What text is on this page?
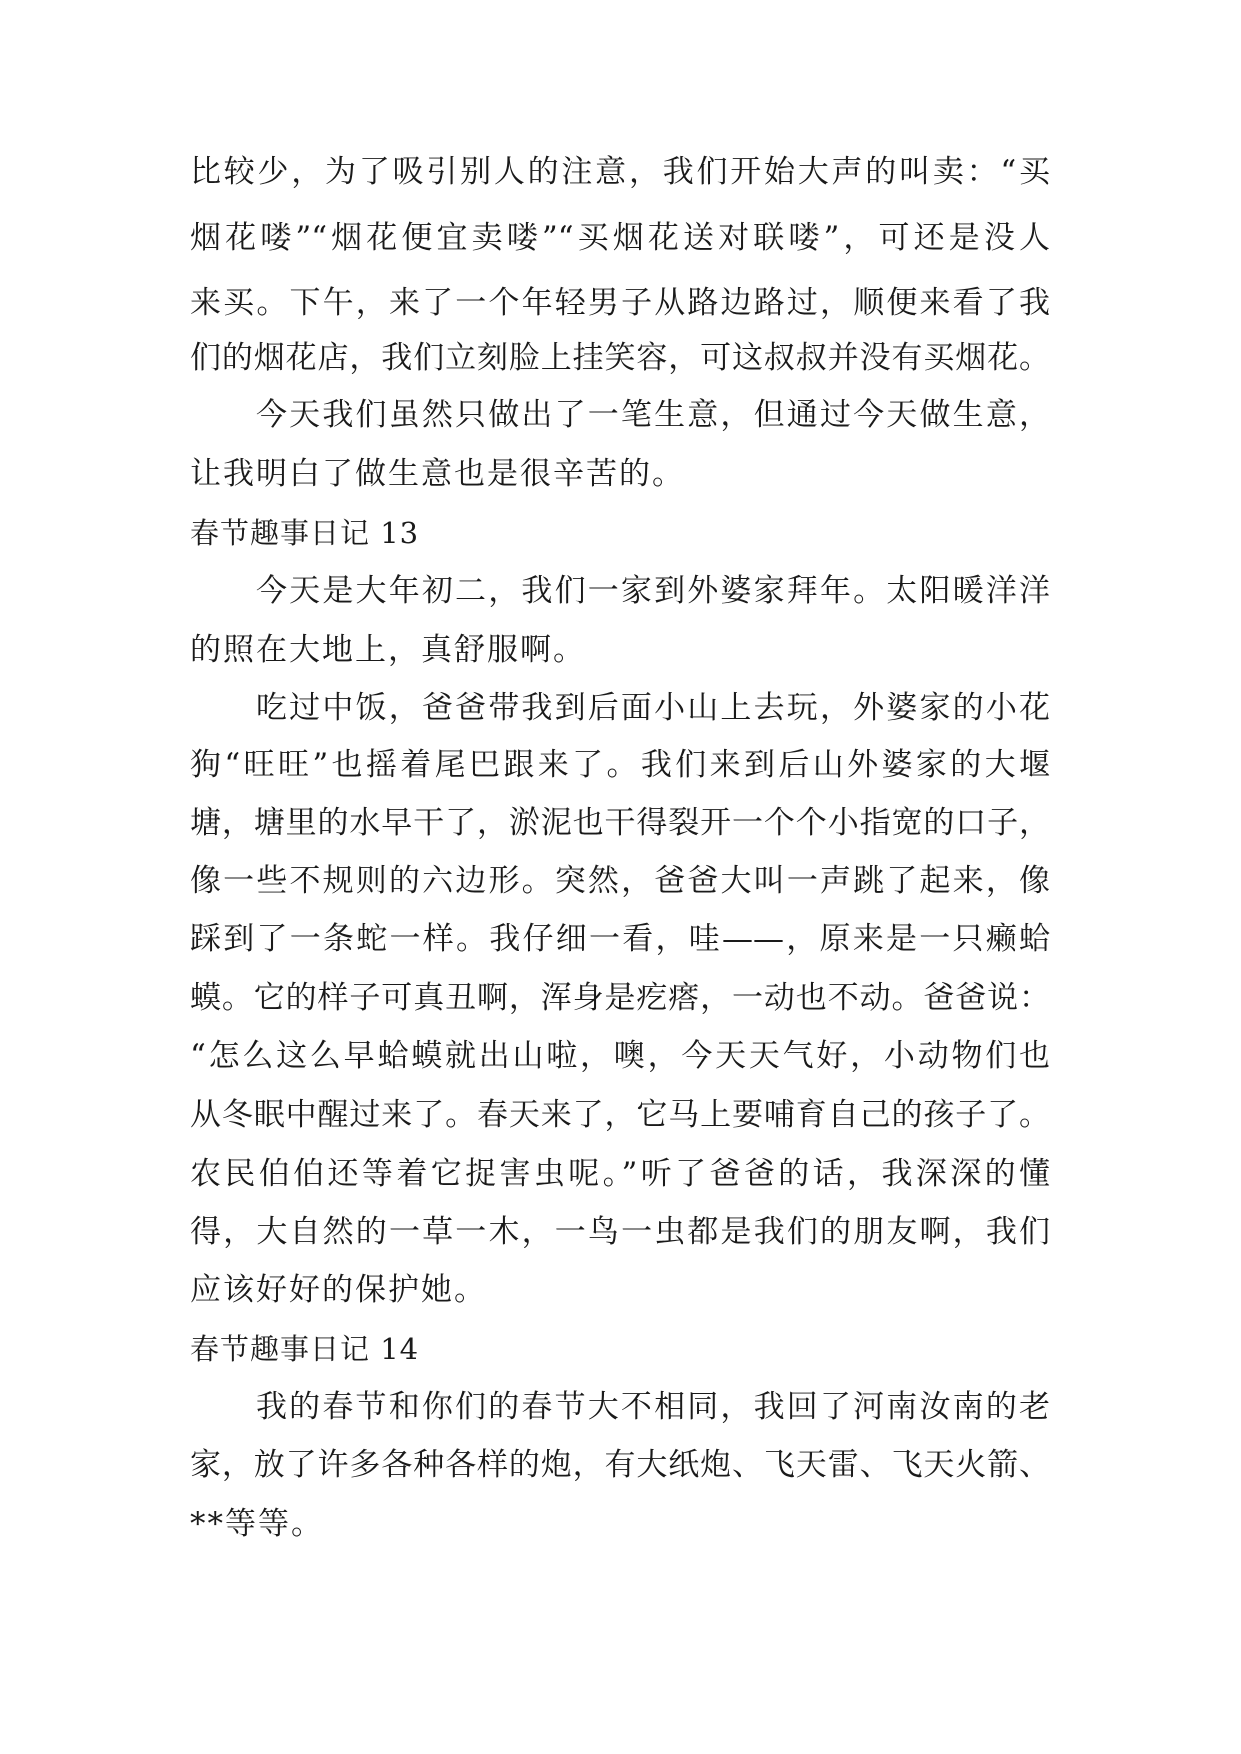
比较少，为了吸引别人的注意，我们开始大声的叫卖：“买
烟花喽”“烟花便宜卖喽”“买烟花送对联喽”，可还是没人
来买。下午，来了一个年轻男子从路边路过，顺便来看了我
们的烟花店，我们立刻脸上挂笑容，可这叔叔并没有买烟花。
今天我们虽然只做出了一笔生意，但通过今天做生意，
让我明白了做生意也是很辛苦的。
春节趣事日记 13
今天是大年初二，我们一家到外婆家拜年。太阳暖洋洋
的照在大地上，真舒服啊。
吃过中饭，爸爸带我到后面小山上去玩，外婆家的小花
狗“旺旺”也摇着尾巴跟来了。我们来到后山外婆家的大堰
塘，塘里的水早干了，淤泥也干得裂开一个个小指宽的口子，
像一些不规则的六边形。突然，爸爸大叫一声跳了起来，像
踩到了一条蛇一样。我仔细一看，哇——，原来是一只癞蛤
蟆。它的样子可真丑啊，浑身是疙瘩，一动也不动。爸爸说：
“怎么这么早蛤蟆就出山啦，噢，今天天气好，小动物们也
从冬眠中醒过来了。春天来了，它马上要哺育自己的孩子了。
农民伯伯还等着它捉害虫呢。”听了爸爸的话，我深深的懂
得，大自然的一草一木，一鸟一虫都是我们的朋友啊，我们
应该好好的保护她。
春节趣事日记 14
我的春节和你们的春节大不相同，我回了河南汝南的老
家，放了许多各种各样的炮，有大纸炮、飞天雷、飞天火箭、
**等等。
